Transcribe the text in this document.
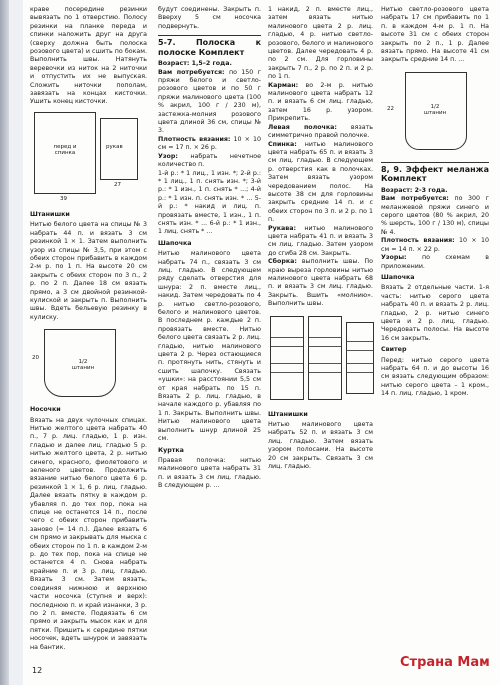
кравe посередине резинки вывязать по 1 отверстию. Полосу резинки на планке переда и спинки наложить друг на друга (сверху должна быть полоска розового цвета) и сшить по бокам. Выполнить швы. Натянуть веревочки из ниток на 2 ниточки и отпустить их не выпуская. Сложить ниточки пополам, завязать на концах кисточки. Ушить конец кисточки.

перед и спинка
рукав
39
27
Штанишки

Нитью белого цвета на спицы № 3 набрать 44 п. и вязать 3 см резинкой 1 × 1. Затем выполнить узор из спицы № 3,5, при этом с обеих сторон прибавить в каждом 2-м р. по 1 п. На высоте 20 см закрыть с обеих сторон по 3 п., 2 р. по 2 п. Далее 18 см вязать прямо, а 3 см двойной резинкой-кулиской и закрыть п. Выполнить швы. Вдеть бельевую резинку в кулиску.

1/2 штанин
20
Носочки

Вязать на двух чулочных спицах. Нитью желтого цвета набрать 40 п., 7 р. лиц. гладью, 1 р. изн. гладью и далее лиц. гладью 5 р. нитью желтого цвета, 2 р. нитью синего, красного, фиолетового и зеленого цветов. Продолжить вязание нитью белого цвета 6 р. резинкой 1 × 1, 6 р. лиц. гладью. Далее вязать пятку в каждом р. убавляя п. до тех пор, пока на спице не останется 14 п., после чего с обеих сторон прибавить заново (= 14 п.). Далее вязать 6 см прямо и закрывать для мыска с обеих сторон по 1 п. в каждом 2-м р. до тех пор, пока на спице не останется 4 п. Снова набрать крайние п. и 3 р. лиц. гладью. Вязать 3 см. Затем вязать, соединяя нижнюю и верхнюю части носочка (ступня и верх): последнюю п. и край изнанки, 3 р. по 2 п. вместе. Подвязать 6 см прямо и закрыть мысок как и для пятки. Пришить к середине пятки носочек, вдеть шнурок и завязать на бантик.

будут соединены. Закрыть п. Вверху 5 см носочка подвернуть.

5-7. Полоска к полоске Комплект

Возраст: 1,5–2 года.

Вам потребуется: по 150 г пряжи белого и светло-розового цветов и по 50 г пряжи малинового цвета (100 % акрил, 100 г / 230 м), застежка-молния розового цвета длиной 36 см, спицы № 3.

Плотность вязания: 10 × 10 см = 17 п. × 26 р.

Узор: набрать нечетное количество п.

1-й р.: * 1 лиц., 1 изн. *; 2-й р.: * 1 лиц., 1 п. снять изн. *; 3-й р.: * 1 изн., 1 п. снять * ...; 4-й р.: * 1 изн. п. снять изн. * ... 5-й р.: * накид и лиц. п. провязать вместе, 1 изн., 1 п. снять изн. * ... 6-й р.: * 1 изн., 1 лиц. снять * ...

Шапочка

Нитью малинового цвета набрать 74 п., связать 3 см лиц. гладью. В следующем ряду сделать отверстия для шнура: 2 п. вместе лиц., накид. Затем чередовать по 4 р. нитью светло-розового, белого и малинового цветов. В последнем р. каждые 2 п. провязать вместе. Нитью белого цвета связать 2 р. лиц. гладью, нитью малинового цвета 2 р. Через остающиеся п. протянуть нить, стянуть и сшить шапочку. Связать «ушки»: на расстоянии 5,5 см от края набрать по 15 п. Вязать 2 р. лиц. гладью, в начале каждого р. убавляя по 1 п. Закрыть. Выполнить швы. Нитью малинового цвета выполнить шнур длиной 25 см.

Куртка

Правая полочка: нитью малинового цвета набрать 31 п. и вязать 3 см лиц. гладью. В следующем р. ...

1 накид, 2 п. вместе лиц., затем вязать нитью малинового цвета 2 р. лиц. гладью, 4 р. нитью светло-розового, белого и малинового цветов. Далее чередовать 4 р. по 2 см. Для горловины закрыть 7 п., 2 р. по 2 п. и 2 р. по 1 п.

Карман: во 2-м р. нитью малинового цвета набрать 12 п. и вязать 6 см лиц. гладью, затем 16 р. узором. Прикрепить.

Левая полочка: вязать симметрично правой полочке.

Спинка: нитью малинового цвета набрать 65 п. и вязать 3 см лиц. гладью. В следующем р. отверстия как в полочках. Затем вязать узором чередованием полос. На высоте 38 см для горловины закрыть средние 14 п. и с обеих сторон по 3 п. и 2 р. по 1 п.

Рукава: нитью малинового цвета набрать 41 п. и вязать 3 см лиц. гладью. Затем узором до сгиба 28 см. Закрыть.

Сборка: выполнить швы. По краю выреза горловины нитью малинового цвета набрать 68 п. и вязать 3 см лиц. гладью. Закрыть. Вшить «молнию». Выполнить швы.

Штанишки

Нитью малинового цвета набрать 52 п. и вязать 3 см лиц. гладью. Затем вязать узором полосами. На высоте 20 см закрыть. Связать 3 см лиц. гладью.

Нитью светло-розового цвета набрать 17 см прибавить по 1 п. в каждом 4-м р. 1 п. На высоте 31 см с обеих сторон закрыть по 2 п., 1 р. Далее вязать прямо. На высоте 41 см закрыть средние 14 п. ...

1/2 штанин
22
8, 9. Эффект меланжа Комплект

Возраст: 2-3 года.

Вам потребуется: по 300 г меланжевой пряжи синего и серого цветов (80 % акрил, 20 % шерсть, 100 г / 130 м), спицы № 4.

Плотность вязания: 10 × 10 см = 14 п. × 22 р.

Узоры: по схемам в приложении.

Шапочка

Вязать 2 отдельные части. 1-я часть: нитью серого цвета набрать 40 п. и вязать 2 р. лиц. гладью, 2 р. нитью синего цвета и 2 р. лиц. гладью. Чередовать полосы. На высоте 16 см закрыть.

Свитер

Перед: нитью серого цвета набрать 64 п. и до высоты 16 см вязать следующим образом: нитью серого цвета – 1 кром., 14 п. лиц. гладью, 1 кром.

12
Страна Мам
